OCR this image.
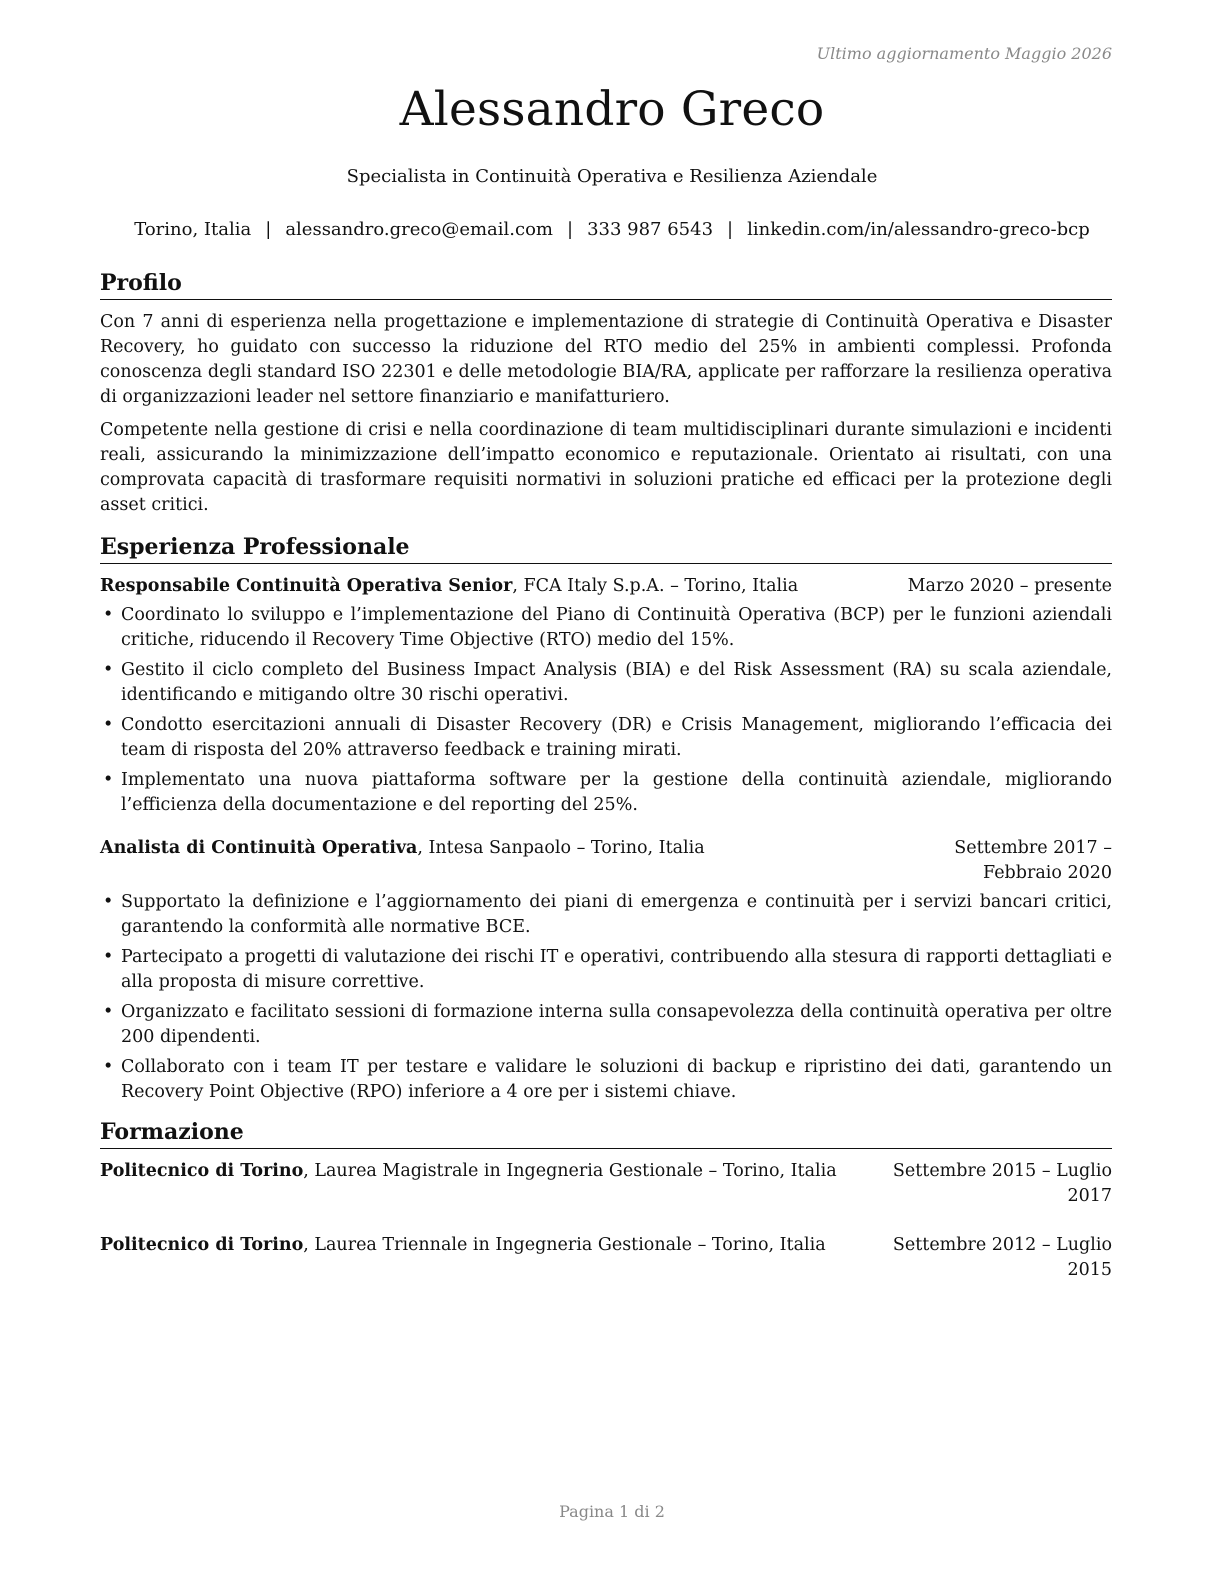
Ultimo aggiornamento Maggio 2026
Alessandro Greco
Specialista in Continuità Operativa e Resilienza Aziendale
Torino, Italia | alessandro.greco@email.com | 333 987 6543 | linkedin.com/in/alessandro-greco-bcp
Profilo

Con 7 anni di esperienza nella progettazione e implementazione di strategie di Continuità Operativa e Disaster Recovery, ho guidato con successo la riduzione del RTO medio del 25% in ambienti complessi. Profonda conoscenza degli standard ISO 22301 e delle metodologie BIA/RA, applicate per rafforzare la resilienza operativa di organizzazioni leader nel settore finanziario e manifatturiero.

Competente nella gestione di crisi e nella coordinazione di team multidisciplinari durante simulazioni e incidenti reali, assicurando la minimizzazione dell’impatto economico e reputazionale. Orientato ai risultati, con una comprovata capacità di trasformare requisiti normativi in soluzioni pratiche ed efficaci per la protezione degli asset critici.

Esperienza Professionale
Responsabile Continuità Operativa Senior, FCA Italy S.p.A. – Torino, Italia	Marzo 2020 – presente
• Coordinato lo sviluppo e l’implementazione del Piano di Continuità Operativa (BCP) per le funzioni aziendali critiche, riducendo il Recovery Time Objective (RTO) medio del 15%.
• Gestito il ciclo completo del Business Impact Analysis (BIA) e del Risk Assessment (RA) su scala aziendale, identificando e mitigando oltre 30 rischi operativi.
• Condotto esercitazioni annuali di Disaster Recovery (DR) e Crisis Management, migliorando l’efficacia dei team di risposta del 20% attraverso feedback e training mirati.
• Implementato una nuova piattaforma software per la gestione della continuità aziendale, migliorando l’efficienza della documentazione e del reporting del 25%.
Analista di Continuità Operativa, Intesa Sanpaolo – Torino, Italia	Settembre 2017 – Febbraio 2020
• Supportato la definizione e l’aggiornamento dei piani di emergenza e continuità per i servizi bancari critici, garantendo la conformità alle normative BCE.
• Partecipato a progetti di valutazione dei rischi IT e operativi, contribuendo alla stesura di rapporti dettagliati e alla proposta di misure correttive.
• Organizzato e facilitato sessioni di formazione interna sulla consapevolezza della continuità operativa per oltre 200 dipendenti.
• Collaborato con i team IT per testare e validare le soluzioni di backup e ripristino dei dati, garantendo un Recovery Point Objective (RPO) inferiore a 4 ore per i sistemi chiave.
Formazione
Politecnico di Torino, Laurea Magistrale in Ingegneria Gestionale – Torino, Italia	Settembre 2015 – Luglio 2017
Politecnico di Torino, Laurea Triennale in Ingegneria Gestionale – Torino, Italia	Settembre 2012 – Luglio 2015
Pagina 1 di 2
